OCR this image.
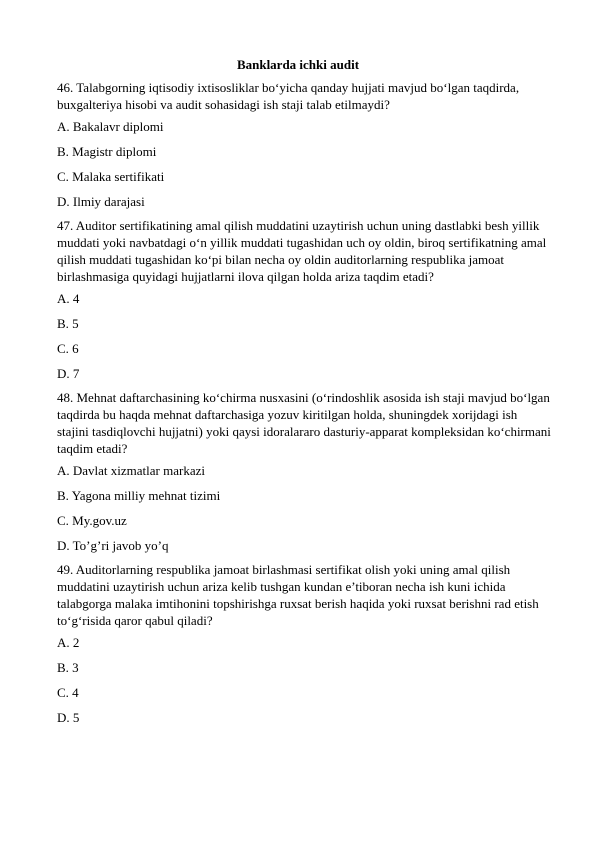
Banklarda ichki audit

46. Talabgorning iqtisodiy ixtisosliklar bo‘yicha qanday hujjati mavjud bo‘lgan taqdirda, buxgalteriya hisobi va audit sohasidagi ish staji talab etilmaydi?

A. Bakalavr diplomi

B. Magistr diplomi

C. Malaka sertifikati

D. Ilmiy darajasi

47. Auditor sertifikatining amal qilish muddatini uzaytirish uchun uning dastlabki besh yillik muddati yoki navbatdagi o‘n yillik muddati tugashidan uch oy oldin, biroq sertifikatning amal qilish muddati tugashidan ko‘pi bilan necha oy oldin auditorlarning respublika jamoat birlashmasiga quyidagi hujjatlarni ilova qilgan holda ariza taqdim etadi?

A. 4

B. 5

C. 6

D. 7

48. Mehnat daftarchasining ko‘chirma nusxasini (o‘rindoshlik asosida ish staji mavjud bo‘lgan taqdirda bu haqda mehnat daftarchasiga yozuv kiritilgan holda, shuningdek xorijdagi ish stajini tasdiqlovchi hujjatni) yoki qaysi idoralararo dasturiy-apparat kompleksidan ko‘chirmani taqdim etadi?

A. Davlat xizmatlar markazi

B. Yagona milliy mehnat tizimi

C. My.gov.uz

D. To’g’ri javob yo’q

49. Auditorlarning respublika jamoat birlashmasi sertifikat olish yoki uning amal qilish muddatini uzaytirish uchun ariza kelib tushgan kundan e’tiboran necha ish kuni ichida talabgorga malaka imtihonini topshirishga ruxsat berish haqida yoki ruxsat berishni rad etish to‘g‘risida qaror qabul qiladi?

A. 2

B. 3

C. 4

D. 5
